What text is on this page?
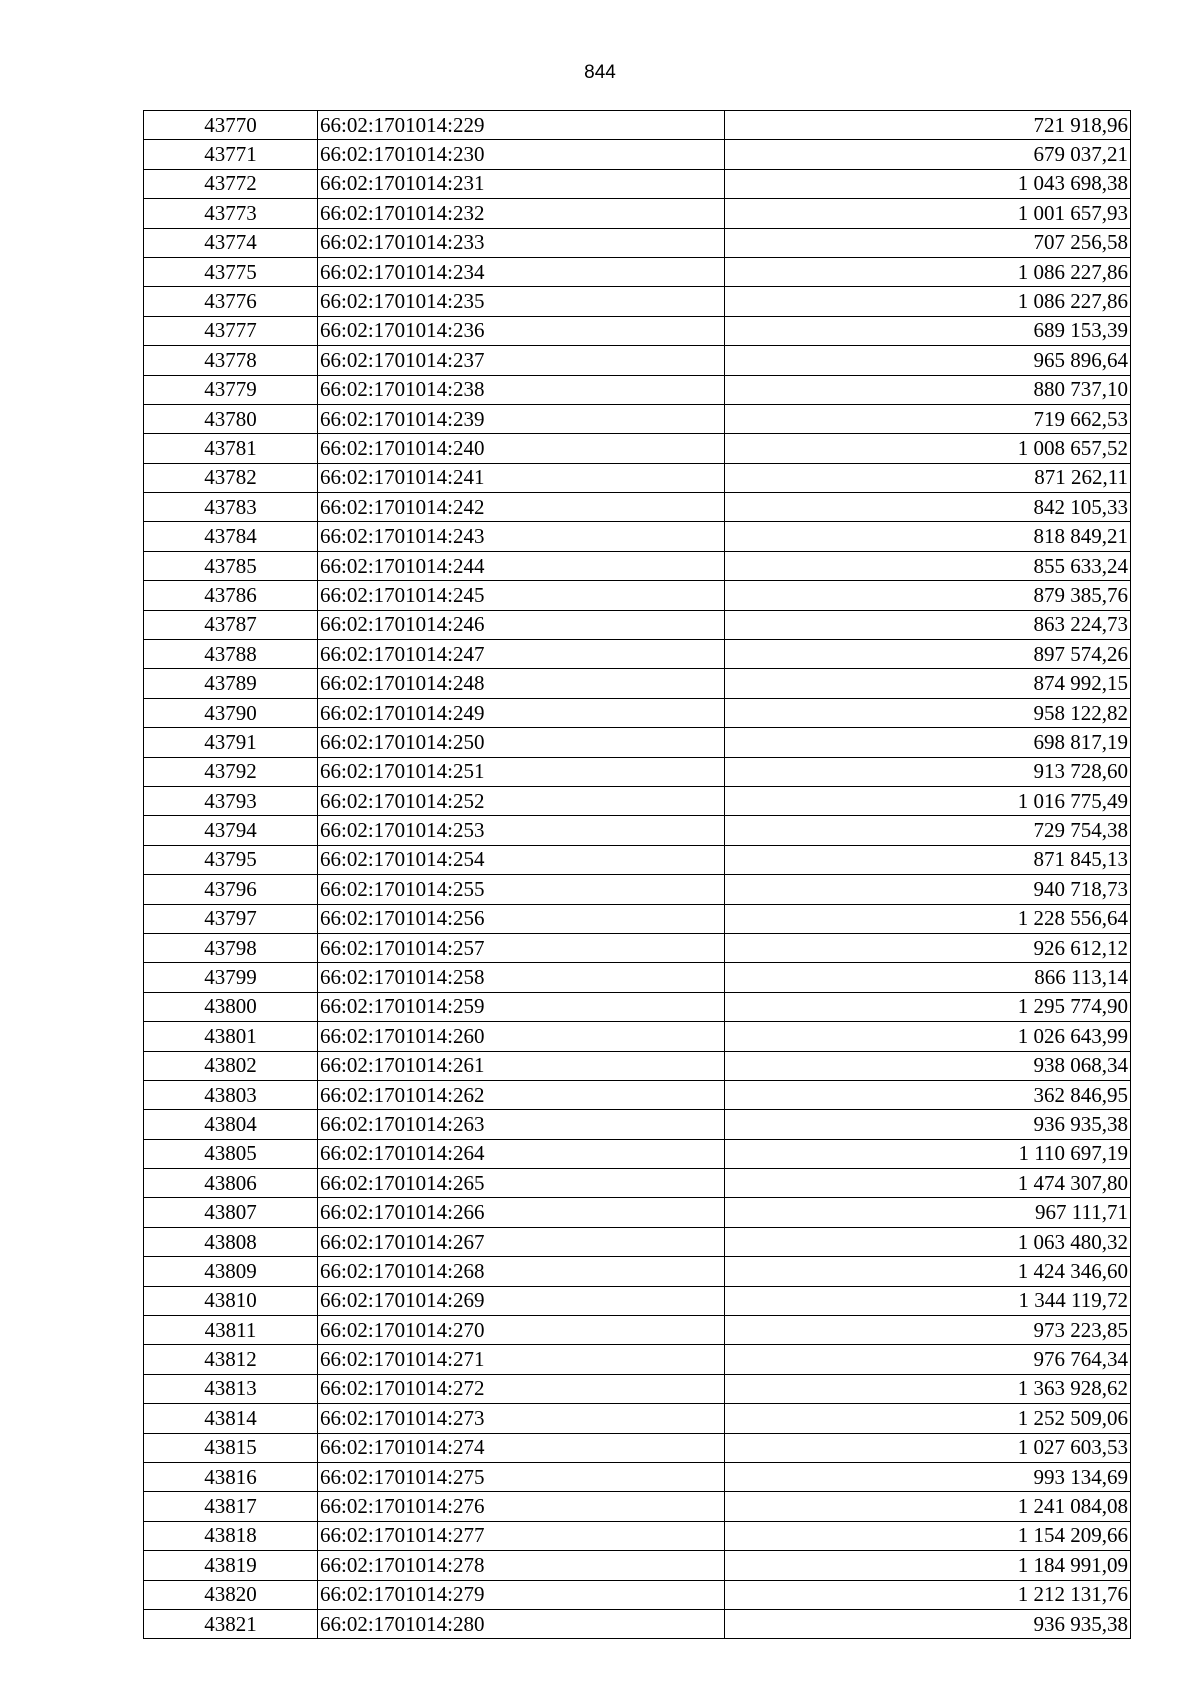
844
43770	66:02:1701014:229	721 918,96
43771	66:02:1701014:230	679 037,21
43772	66:02:1701014:231	1 043 698,38
43773	66:02:1701014:232	1 001 657,93
43774	66:02:1701014:233	707 256,58
43775	66:02:1701014:234	1 086 227,86
43776	66:02:1701014:235	1 086 227,86
43777	66:02:1701014:236	689 153,39
43778	66:02:1701014:237	965 896,64
43779	66:02:1701014:238	880 737,10
43780	66:02:1701014:239	719 662,53
43781	66:02:1701014:240	1 008 657,52
43782	66:02:1701014:241	871 262,11
43783	66:02:1701014:242	842 105,33
43784	66:02:1701014:243	818 849,21
43785	66:02:1701014:244	855 633,24
43786	66:02:1701014:245	879 385,76
43787	66:02:1701014:246	863 224,73
43788	66:02:1701014:247	897 574,26
43789	66:02:1701014:248	874 992,15
43790	66:02:1701014:249	958 122,82
43791	66:02:1701014:250	698 817,19
43792	66:02:1701014:251	913 728,60
43793	66:02:1701014:252	1 016 775,49
43794	66:02:1701014:253	729 754,38
43795	66:02:1701014:254	871 845,13
43796	66:02:1701014:255	940 718,73
43797	66:02:1701014:256	1 228 556,64
43798	66:02:1701014:257	926 612,12
43799	66:02:1701014:258	866 113,14
43800	66:02:1701014:259	1 295 774,90
43801	66:02:1701014:260	1 026 643,99
43802	66:02:1701014:261	938 068,34
43803	66:02:1701014:262	362 846,95
43804	66:02:1701014:263	936 935,38
43805	66:02:1701014:264	1 110 697,19
43806	66:02:1701014:265	1 474 307,80
43807	66:02:1701014:266	967 111,71
43808	66:02:1701014:267	1 063 480,32
43809	66:02:1701014:268	1 424 346,60
43810	66:02:1701014:269	1 344 119,72
43811	66:02:1701014:270	973 223,85
43812	66:02:1701014:271	976 764,34
43813	66:02:1701014:272	1 363 928,62
43814	66:02:1701014:273	1 252 509,06
43815	66:02:1701014:274	1 027 603,53
43816	66:02:1701014:275	993 134,69
43817	66:02:1701014:276	1 241 084,08
43818	66:02:1701014:277	1 154 209,66
43819	66:02:1701014:278	1 184 991,09
43820	66:02:1701014:279	1 212 131,76
43821	66:02:1701014:280	936 935,38
